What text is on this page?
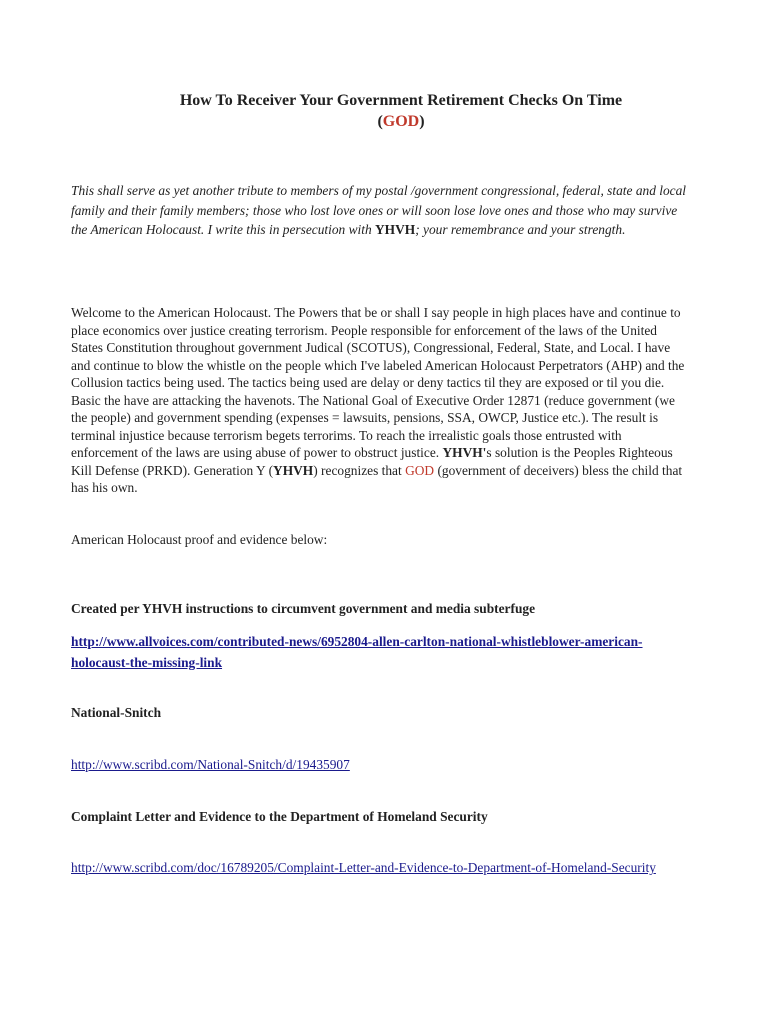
How To Receiver Your Government Retirement Checks On Time
(GOD)

This shall serve as yet another tribute to members of my postal /government congressional, federal, state and local family and their family members; those who lost love ones or will soon lose love ones and those who may survive the American Holocaust. I write this in persecution with YHVH; your remembrance and your strength.

Welcome to the American Holocaust. The Powers that be or shall I say people in high places have and continue to place economics over justice creating terrorism. People responsible for enforcement of the laws of the United States Constitution throughout government Judical (SCOTUS), Congressional, Federal, State, and Local. I have and continue to blow the whistle on the people which I've labeled American Holocaust Perpetrators (AHP) and the Collusion tactics being used. The tactics being used are delay or deny tactics til they are exposed or til you die. Basic the have are attacking the havenots. The National Goal of Executive Order 12871 (reduce government (we the people) and government spending (expenses = lawsuits, pensions, SSA, OWCP, Justice etc.). The result is terminal injustice because terrorism begets terrorims. To reach the irrealistic goals those entrusted with enforcement of the laws are using abuse of power to obstruct justice. YHVH's solution is the Peoples Righteous Kill Defense (PRKD). Generation Y (YHVH) recognizes that GOD (government of deceivers) bless the child that has his own.

American Holocaust proof and evidence below:

Created per YHVH instructions to circumvent government and media subterfuge

http://www.allvoices.com/contributed-news/6952804-allen-carlton-national-whistleblower-american-holocaust-the-missing-link

National-Snitch

http://www.scribd.com/National-Snitch/d/19435907

Complaint Letter and Evidence to the Department of Homeland Security

http://www.scribd.com/doc/16789205/Complaint-Letter-and-Evidence-to-Department-of-Homeland-Security
